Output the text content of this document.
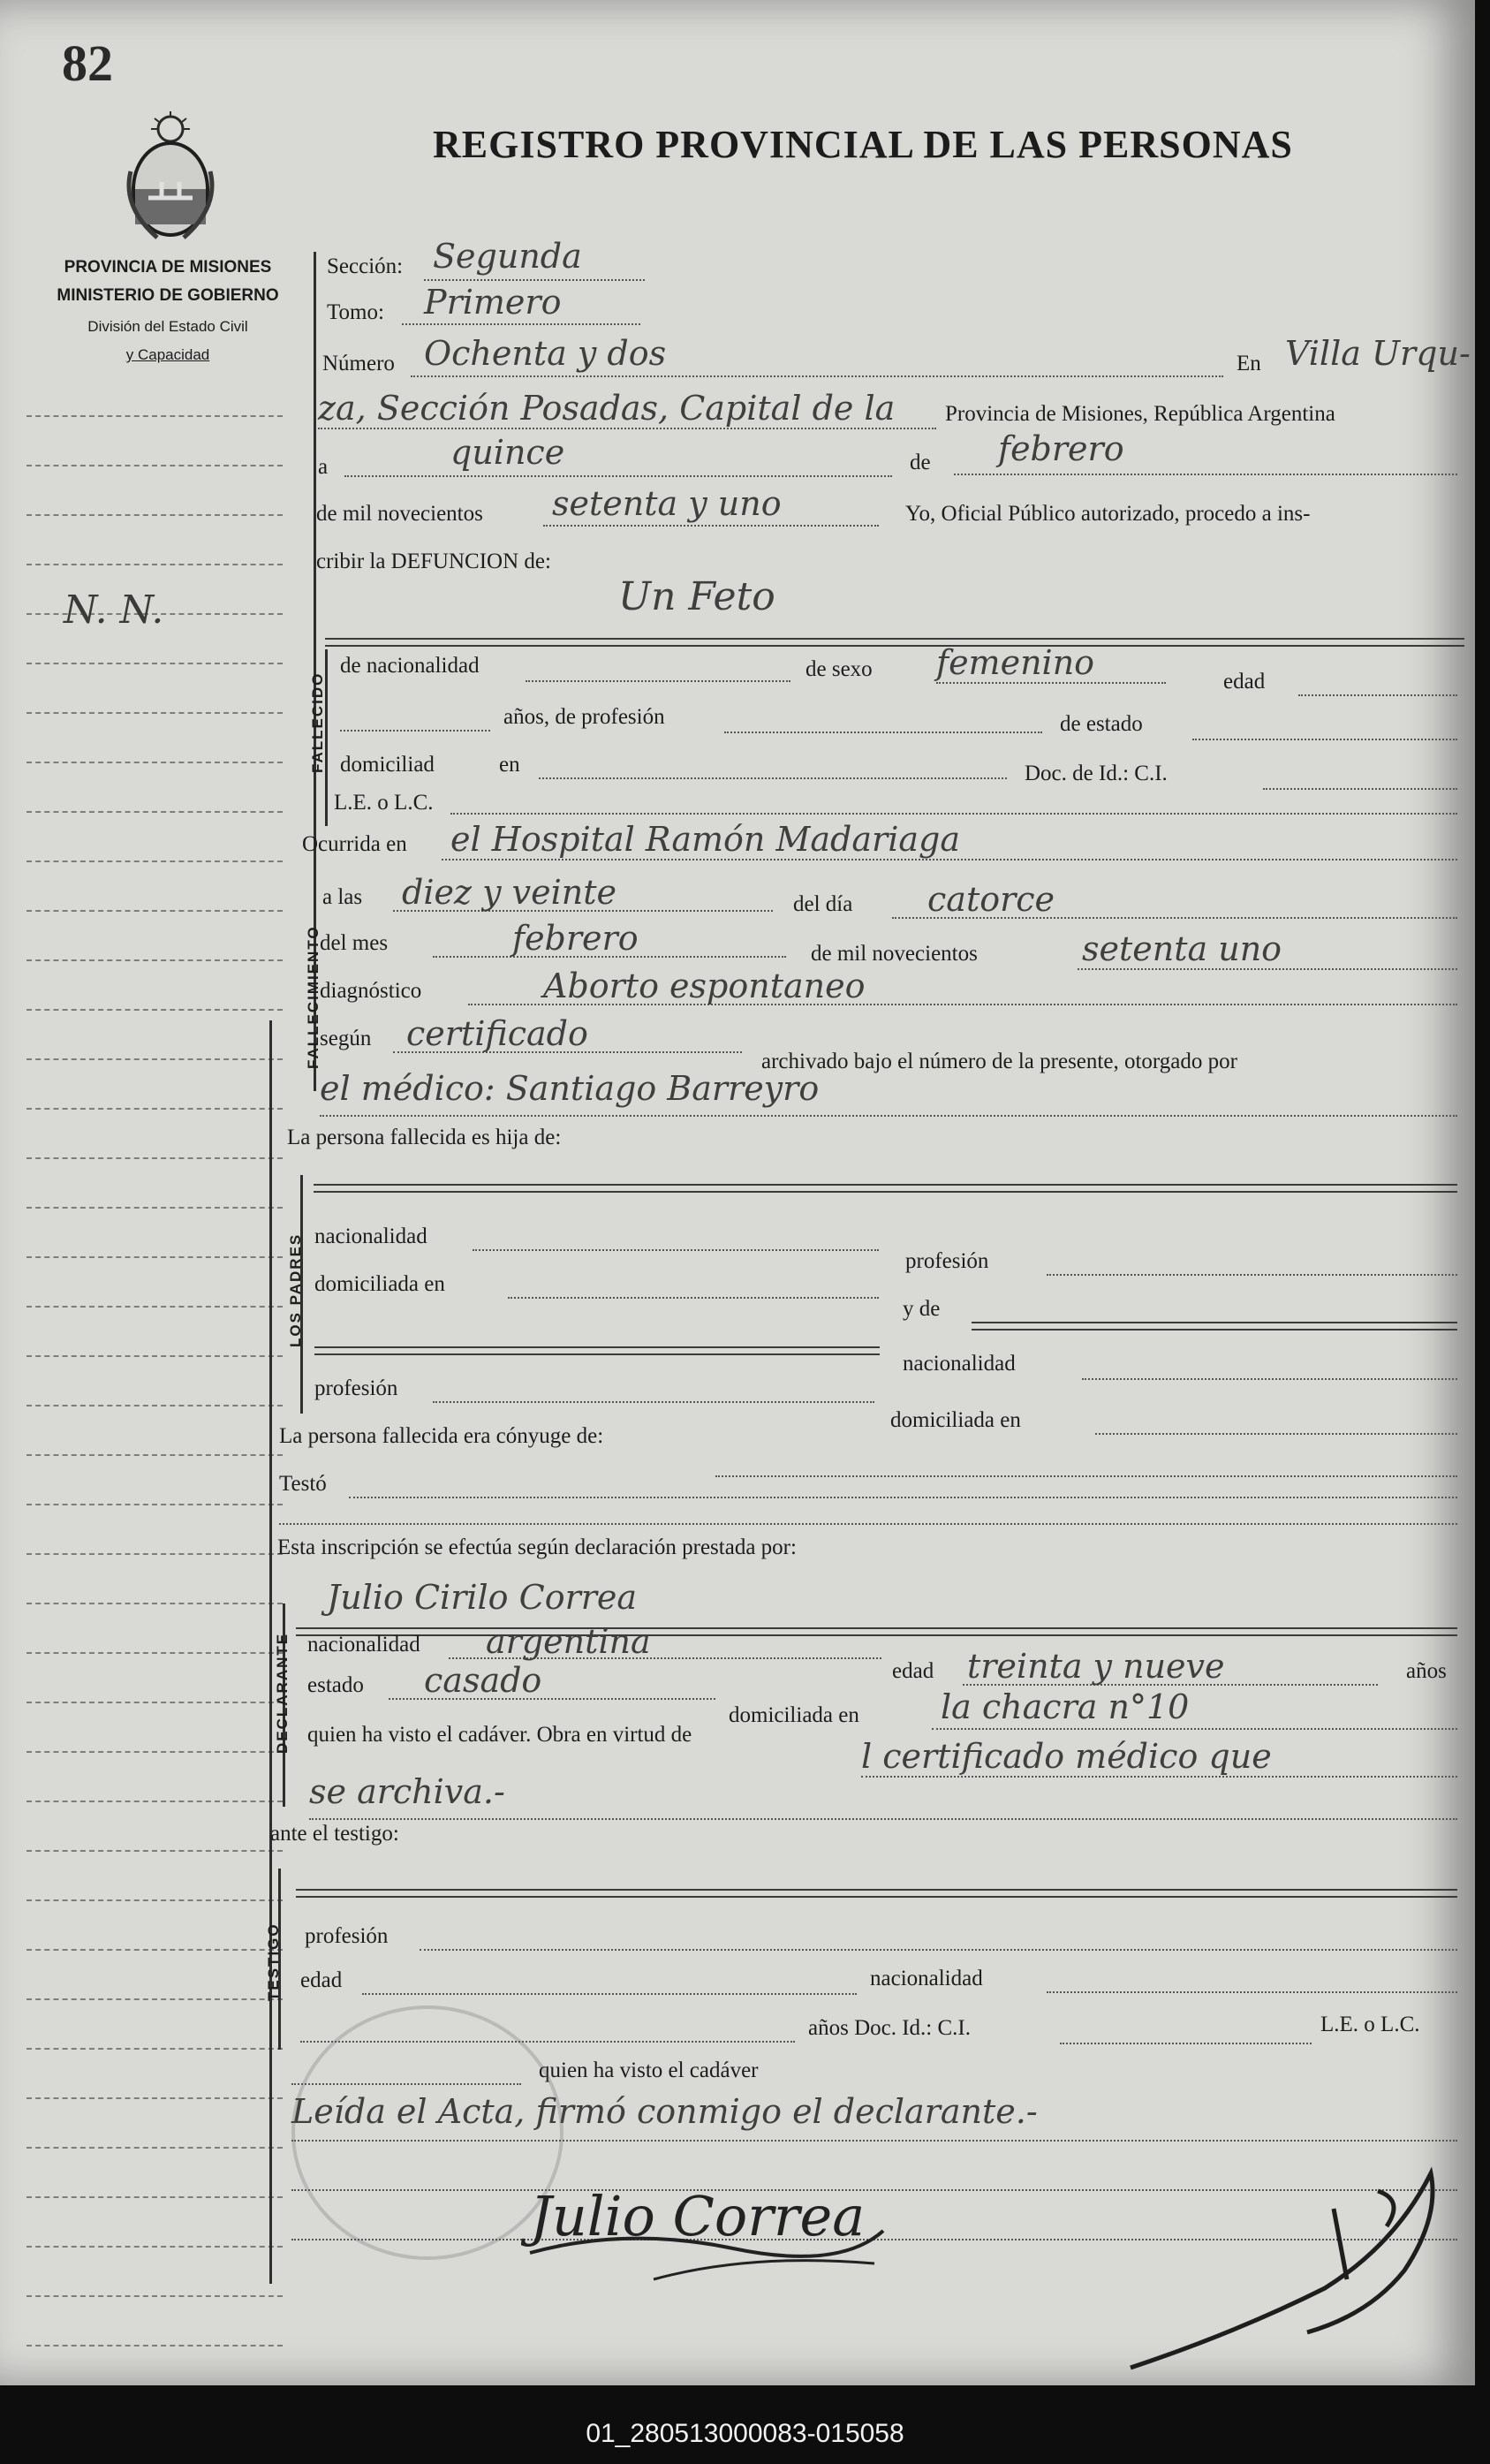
82
REGISTRO PROVINCIAL DE LAS PERSONAS
PROVINCIA DE MISIONES
MINISTERIO DE GOBIERNO
División del Estado Civil
y Capacidad
N. N.
FALLECIDO
FALLECIMIENTO
LOS PADRES
DECLARANTE
TESTIGO
Sección: Segunda
Tomo: Primero
Número Ochenta y dos	En Villa Urqu-
za, Sección Posadas, Capital de la Provincia de Misiones, República Argentina
a	quince	de febrero
de mil novecientos setenta y uno	Yo, Oficial Público autorizado, procedo a ins-
cribir la DEFUNCION de:
Un Feto
de nacionalidad	de sexo femenino	edad
años, de profesión	de estado
domiciliad	en	Doc. de Id.: C.I.
L.E. o L.C.
Ocurrida en el Hospital Ramón Madariaga
a las diez y veinte	del día catorce
del mes	febrero	de mil novecientos	setenta uno
diagnóstico	Aborto espontaneo
según certificado
archivado bajo el número de la presente, otorgado por
el médico: Santiago Barreyro
La persona fallecida es hija de:
nacionalidad
profesión
domiciliada en
y de
nacionalidad
profesión
domiciliada en
La persona fallecida era cónyuge de:
Testó
Esta inscripción se efectúa según declaración prestada por:
Julio Cirilo Correa
nacionalidad argentina
edad treinta y nueve	años
estado casado
domiciliada en la chacra n°10
quien ha visto el cadáver. Obra en virtud de
l certificado médico que
se archiva.-
ante el testigo:
profesión
edad	nacionalidad
años Doc. Id.: C.I.	L.E. o L.C.
quien ha visto el cadáver
Leída el Acta, firmó conmigo el declarante.-
Julio Correa
01_280513000083-015058
